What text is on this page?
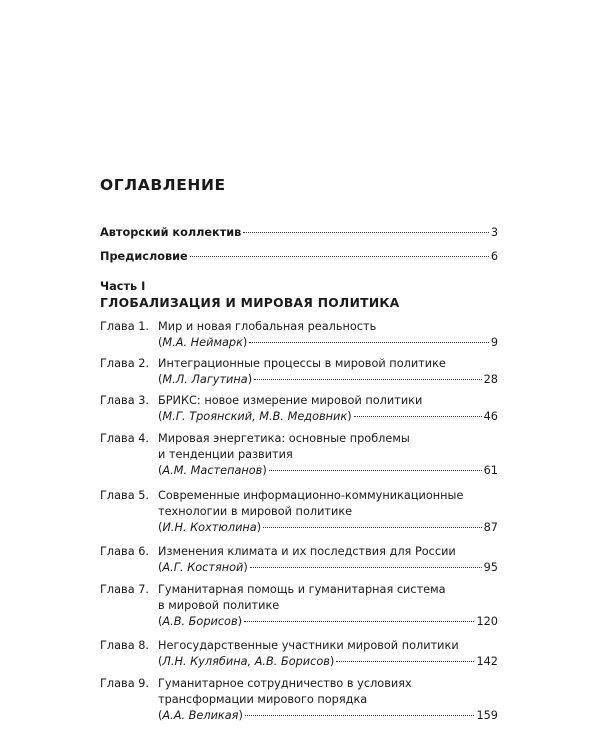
ОГЛАВЛЕНИЕ
Авторский коллектив	3
Предисловие	6
Часть I
ГЛОБАЛИЗАЦИЯ И МИРОВАЯ ПОЛИТИКА
Глава 1. Мир и новая глобальная реальность
(М.А. Неймарк)	9
Глава 2. Интеграционные процессы в мировой политике
(М.Л. Лагутина)	28
Глава 3. БРИКС: новое измерение мировой политики
(М.Г. Троянский, М.В. Медовник)	46
Глава 4. Мировая энергетика: основные проблемы
и тенденции развития
(А.М. Мастепанов)	61
Глава 5. Современные информационно-коммуникационные
технологии в мировой политике
(И.Н. Кохтюлина)	87
Глава 6. Изменения климата и их последствия для России
(А.Г. Костяной)	95
Глава 7. Гуманитарная помощь и гуманитарная система
в мировой политике
(А.В. Борисов)	120
Глава 8. Негосударственные участники мировой политики
(Л.Н. Кулябина, А.В. Борисов)	142
Глава 9. Гуманитарное сотрудничество в условиях
трансформации мирового порядка
(А.А. Великая)	159
